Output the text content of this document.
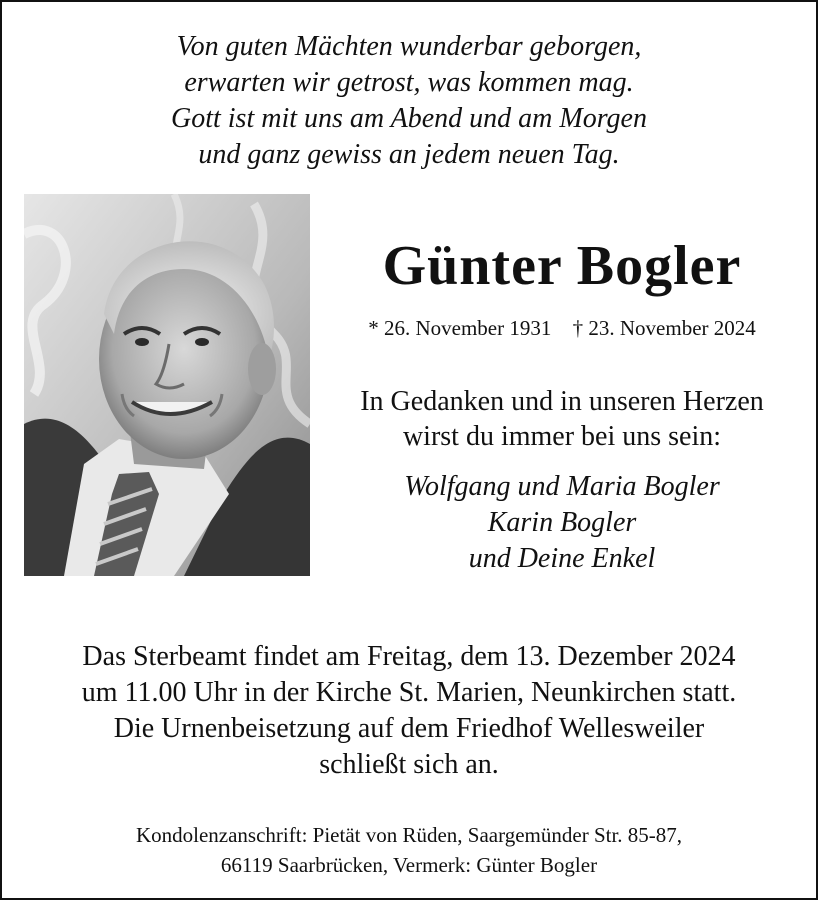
Von guten Mächten wunderbar geborgen,
erwarten wir getrost, was kommen mag.
Gott ist mit uns am Abend und am Morgen
und ganz gewiss an jedem neuen Tag.
Günter Bogler
* 26. November 1931 † 23. November 2024
In Gedanken und in unseren Herzen
wirst du immer bei uns sein:
Wolfgang und Maria Bogler
Karin Bogler
und Deine Enkel
Das Sterbeamt findet am Freitag, dem 13. Dezember 2024
um 11.00 Uhr in der Kirche St. Marien, Neunkirchen statt.
Die Urnenbeisetzung auf dem Friedhof Wellesweiler
schließt sich an.
Kondolenzanschrift: Pietät von Rüden, Saargemünder Str. 85-87,
66119 Saarbrücken, Vermerk: Günter Bogler
